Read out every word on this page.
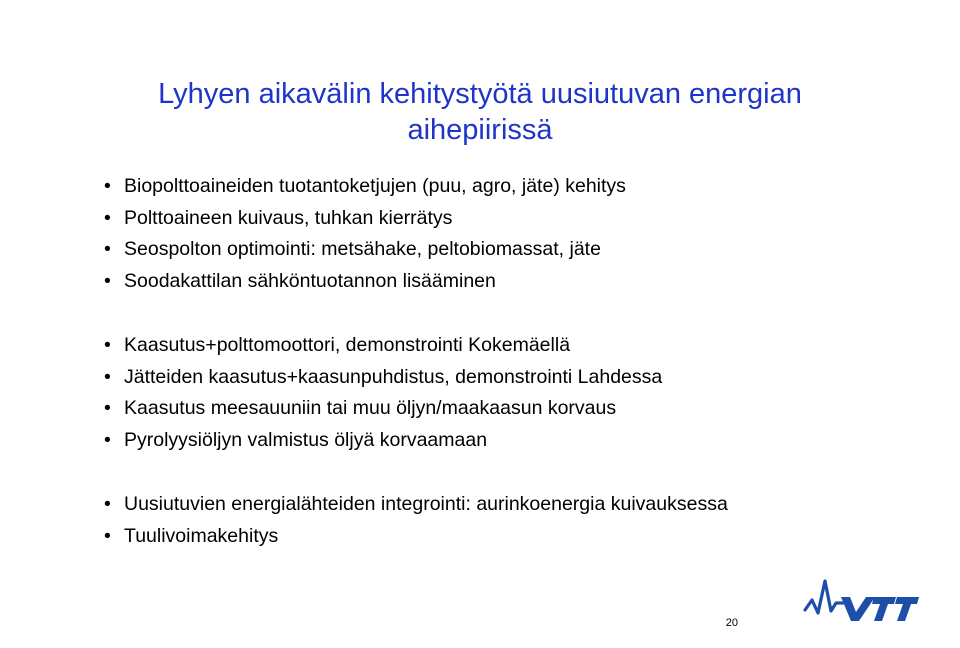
Lyhyen aikavälin kehitystyötä uusiutuvan energian
aihepiirissä
• Biopolttoaineiden tuotantoketjujen (puu, agro, jäte) kehitys
• Polttoaineen kuivaus, tuhkan kierrätys
• Seospolton optimointi: metsähake, peltobiomassat, jäte
• Soodakattilan sähköntuotannon lisääminen
• Kaasutus+polttomoottori, demonstrointi Kokemäellä
• Jätteiden kaasutus+kaasunpuhdistus, demonstrointi Lahdessa
• Kaasutus meesauuniin tai muu öljyn/maakaasun korvaus
• Pyrolyysiöljyn valmistus öljyä korvaamaan
• Uusiutuvien energialähteiden integrointi: aurinkoenergia kuivauksessa
• Tuulivoimakehitys
20
